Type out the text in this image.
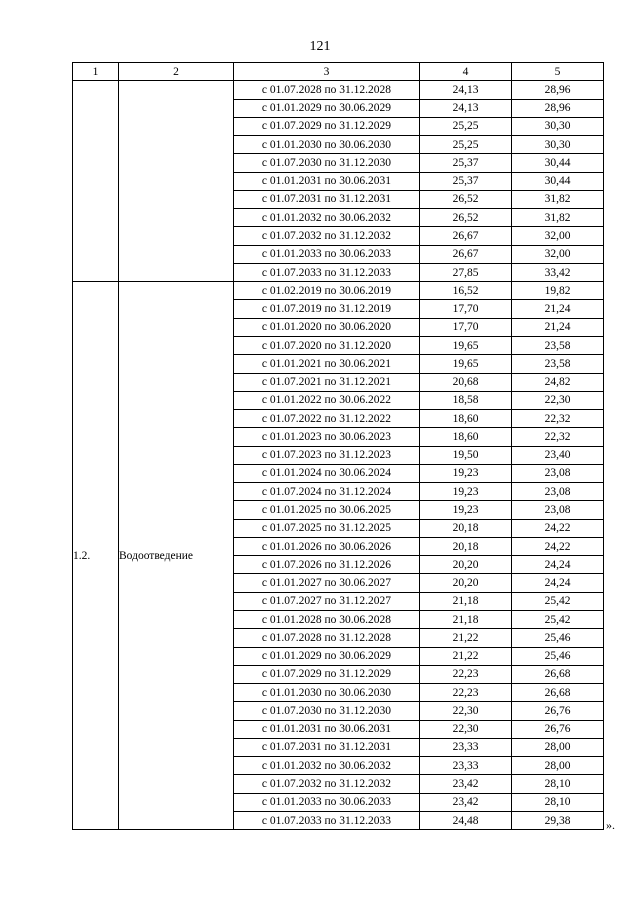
121
1	2	3	4	5
		с 01.07.2028 по 31.12.2028	24,13	28,96
		с 01.01.2029 по 30.06.2029	24,13	28,96
		с 01.07.2029 по 31.12.2029	25,25	30,30
		с 01.01.2030 по 30.06.2030	25,25	30,30
		с 01.07.2030 по 31.12.2030	25,37	30,44
		с 01.01.2031 по 30.06.2031	25,37	30,44
		с 01.07.2031 по 31.12.2031	26,52	31,82
		с 01.01.2032 по 30.06.2032	26,52	31,82
		с 01.07.2032 по 31.12.2032	26,67	32,00
		с 01.01.2033 по 30.06.2033	26,67	32,00
		с 01.07.2033 по 31.12.2033	27,85	33,42
1.2.	Водоотведение	с 01.02.2019 по 30.06.2019	16,52	19,82
		с 01.07.2019 по 31.12.2019	17,70	21,24
		с 01.01.2020 по 30.06.2020	17,70	21,24
		с 01.07.2020 по 31.12.2020	19,65	23,58
		с 01.01.2021 по 30.06.2021	19,65	23,58
		с 01.07.2021 по 31.12.2021	20,68	24,82
		с 01.01.2022 по 30.06.2022	18,58	22,30
		с 01.07.2022 по 31.12.2022	18,60	22,32
		с 01.01.2023 по 30.06.2023	18,60	22,32
		с 01.07.2023 по 31.12.2023	19,50	23,40
		с 01.01.2024 по 30.06.2024	19,23	23,08
		с 01.07.2024 по 31.12.2024	19,23	23,08
		с 01.01.2025 по 30.06.2025	19,23	23,08
		с 01.07.2025 по 31.12.2025	20,18	24,22
		с 01.01.2026 по 30.06.2026	20,18	24,22
		с 01.07.2026 по 31.12.2026	20,20	24,24
		с 01.01.2027 по 30.06.2027	20,20	24,24
		с 01.07.2027 по 31.12.2027	21,18	25,42
		с 01.01.2028 по 30.06.2028	21,18	25,42
		с 01.07.2028 по 31.12.2028	21,22	25,46
		с 01.01.2029 по 30.06.2029	21,22	25,46
		с 01.07.2029 по 31.12.2029	22,23	26,68
		с 01.01.2030 по 30.06.2030	22,23	26,68
		с 01.07.2030 по 31.12.2030	22,30	26,76
		с 01.01.2031 по 30.06.2031	22,30	26,76
		с 01.07.2031 по 31.12.2031	23,33	28,00
		с 01.01.2032 по 30.06.2032	23,33	28,00
		с 01.07.2032 по 31.12.2032	23,42	28,10
		с 01.01.2033 по 30.06.2033	23,42	28,10
		с 01.07.2033 по 31.12.2033	24,48	29,38	».
